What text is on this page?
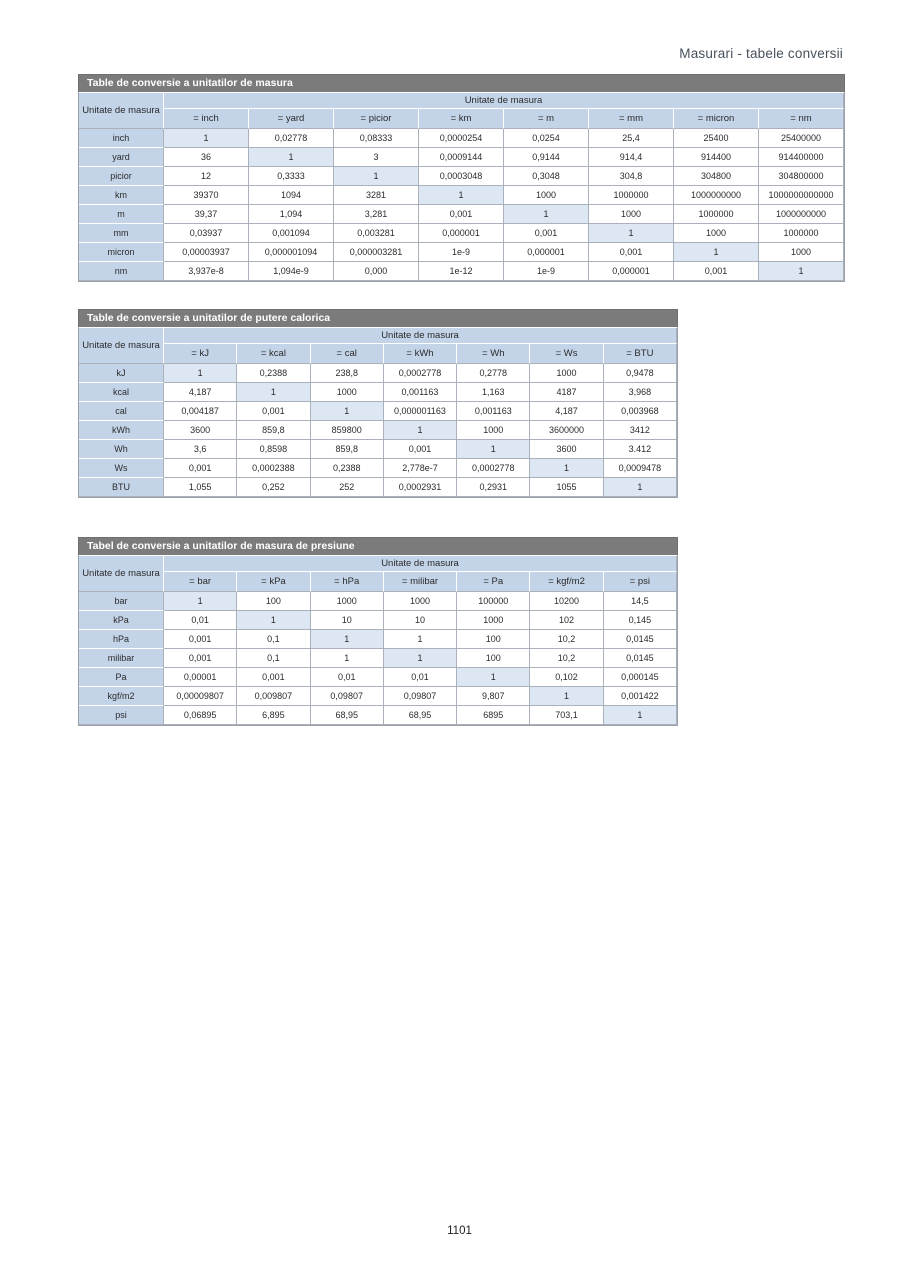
Masurari - tabele conversii
Table de conversie a unitatilor de masura
Unitate de masura	Unitate de masura							
	= inch	= yard	= picior	= km	= m	= mm	= micron	= nm
inch	1	0,02778	0,08333	0,0000254	0,0254	25,4	25400	25400000
yard	36	1	3	0,0009144	0,9144	914,4	914400	914400000
picior	12	0,3333	1	0,0003048	0,3048	304,8	304800	304800000
km	39370	1094	3281	1	1000	1000000	1000000000	1000000000000
m	39,37	1,094	3,281	0,001	1	1000	1000000	1000000000
mm	0,03937	0,001094	0,003281	0,000001	0,001	1	1000	1000000
micron	0,00003937	0,000001094	0,000003281	1e-9	0,000001	0,001	1	1000
nm	3,937e-8	1,094e-9	0,000	1e-12	1e-9	0,000001	0,001	1
Table de conversie a unitatilor de putere calorica
Unitate de masura	Unitate de masura						
	= kJ	= kcal	= cal	= kWh	= Wh	= Ws	= BTU
kJ	1	0,2388	238,8	0,0002778	0,2778	1000	0,9478
kcal	4,187	1	1000	0,001163	1,163	4187	3,968
cal	0,004187	0,001	1	0,000001163	0,001163	4,187	0,003968
kWh	3600	859,8	859800	1	1000	3600000	3412
Wh	3,6	0,8598	859,8	0,001	1	3600	3.412
Ws	0,001	0,0002388	0,2388	2,778e-7	0,0002778	1	0,0009478
BTU	1,055	0,252	252	0,0002931	0,2931	1055	1
Tabel de conversie a unitatilor de masura de presiune
Unitate de masura	Unitate de masura						
	= bar	= kPa	= hPa	= milibar	= Pa	= kgf/m2	= psi
bar	1	100	1000	1000	100000	10200	14,5
kPa	0,01	1	10	10	1000	102	0,145
hPa	0,001	0,1	1	1	100	10,2	0,0145
milibar	0,001	0,1	1	1	100	10,2	0,0145
Pa	0,00001	0,001	0,01	0,01	1	0,102	0,000145
kgf/m2	0,00009807	0,009807	0,09807	0,09807	9,807	1	0,001422
psi	0,06895	6,895	68,95	68,95	6895	703,1	1
1101
